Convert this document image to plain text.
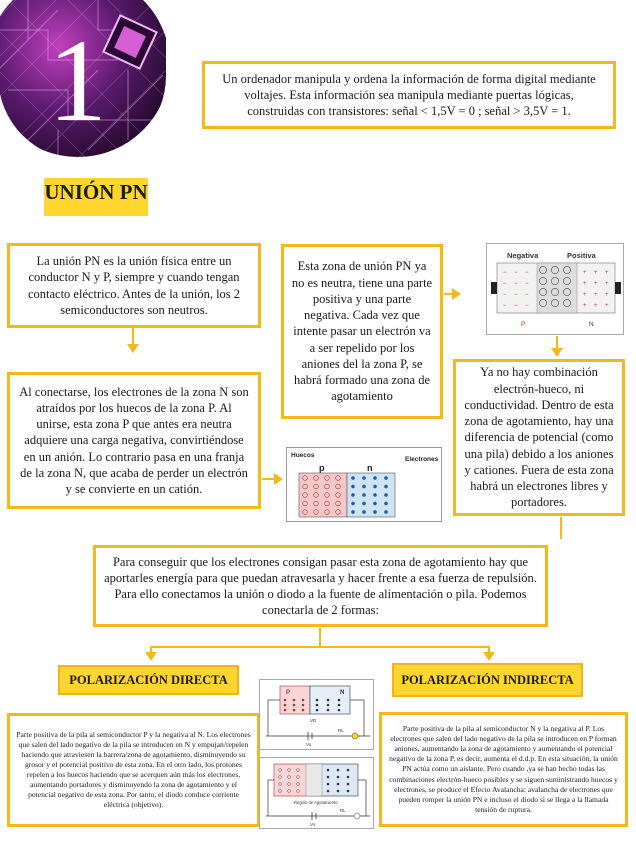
1	Un ordenador manipula y ordena la información de forma digital mediante voltajes. Esta información sea manipula mediante puertas lógicas, construidas con transistores: señal < 1,5V = 0 ; señal > 3,5V = 1.

UNIÓN PN

La unión PN es la unión física entre un conductor N y P, siempre y cuando tengan contacto eléctrico. Antes de la unión, los 2 semiconductores son neutros.

Al conectarse, los electrones de la zona N son atraídos por los huecos de la zona P. Al unirse, esta zona P que antes era neutra adquiere una carga negativa, convirtiéndose en un anión. Lo contrario pasa en una franja de la zona N, que acaba de perder un electrón y se convierte en un catión.

Huecos
Electrones
p	n

Esta zona de unión PN ya no es neutra, tiene una parte positiva y una parte negativa. Cada vez que intente pasar un electrón va a ser repelido por los aniones del la zona P, se habrá formado una zona de agotamiento

Negativa	Positiva
−	+
−	+
−	+
−	+
−	+
−	+
−	+
−	+
−	+
−	+
−	+
−	+
P	N

Ya no hay combinación electrón-hueco, ni conductividad. Dentro de esta zona de agotamiento, hay una diferencia de potencial (como una pila) debido a los aniones y cationes. Fuera de esta zona habrá un electrones libres y portadores.

Para conseguir que los electrones consigan pasar esta zona de agotamiento hay que aportarles energía para que puedan atravesarla y hacer frente a esa fuerza de repulsión. Para ello conectamos la unión o diodo a la fuente de alimentación o pila. Podemos conectarla de 2 formas:

POLARIZACIÓN DIRECTA	POLARIZACIÓN INDIRECTA

Parte positiva de la pila al semiconductor P y la negativa al N. Los electrones que salen del lado negativo de la pila se introducen en N y empujan/repelen haciendo que atraviesen la barrera/zona de agotamiento, disminuyendo su grosor y el potencial positivo de esta zona. En el otro lado, los protones repelen a los huecos haciendo que se acerquen aún más los electrones, aumentando portadores y disminuyendo la zona de agotamiento y el potencial negativo de esta zona. Por tanto, el diodo conduce corriente eléctrica (objetivo).

Parte positiva de la pila al semiconductor N y la negativa al P. Los electrones que salen del lado negativo de la pila se introducen en P forman aniones, aumentando la zona de agotamiento y aumentando el potencial negativo de la zona P, es decir, aumenta el d.d.p. En esta situación, la unión PN actúa como un aislante. Pero cuando ,ya se han hecho todas las combinaciones electrón-hueco posibles y se siguen suministrando huecos y electrones, se produce el Efecto Avalancha: avalancha de electrones que pueden romper la unión PN e incluso el diodo si se llega a la llamada tensión de ruptura.

P	N
VD
Vs
RL
Región de Agotamiento
Vs
RL
